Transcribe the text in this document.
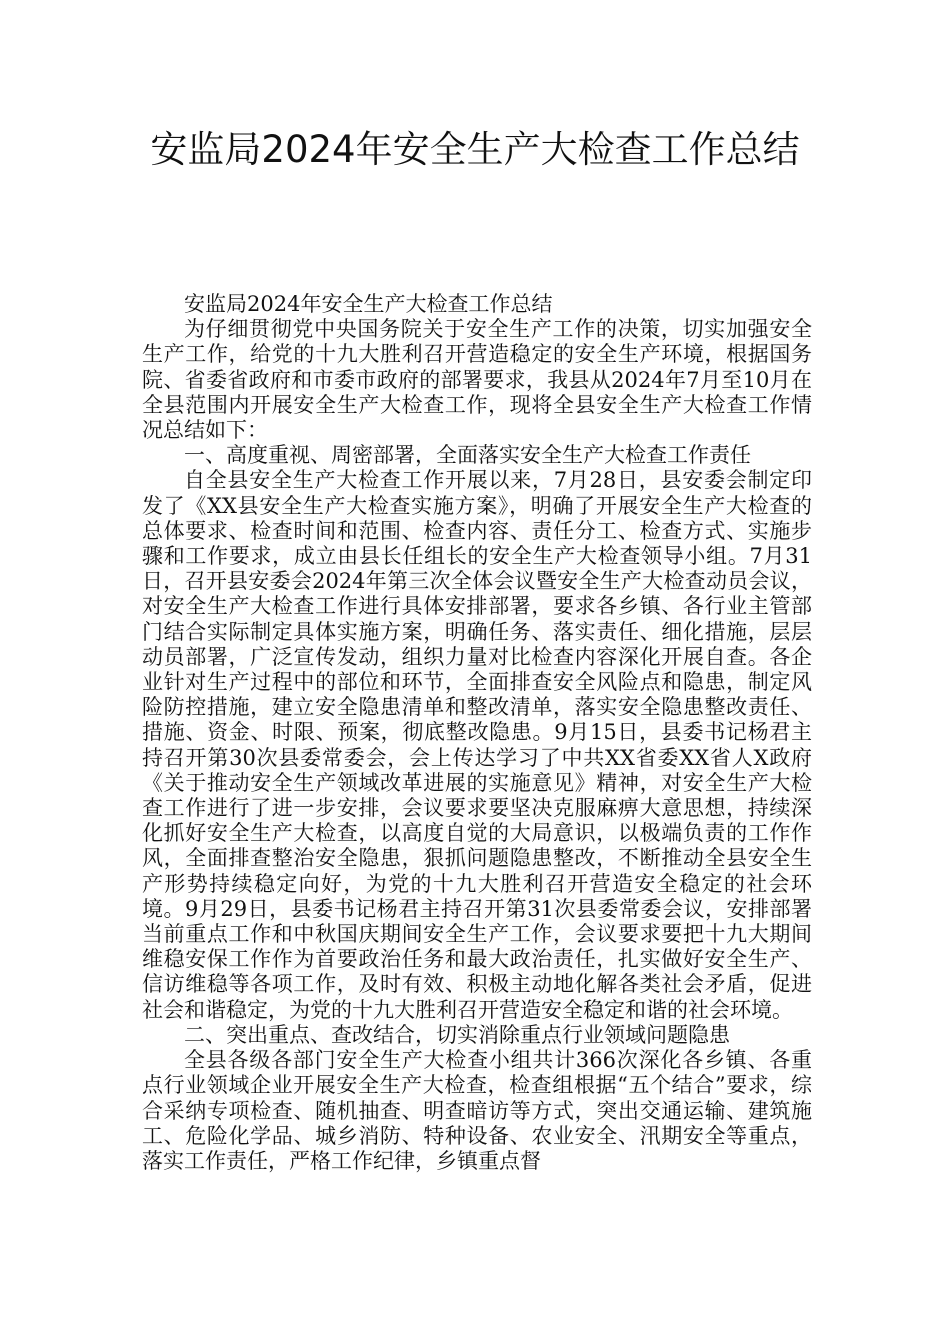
安监局2024年安全生产大检查工作总结

安监局2024年安全生产大检查工作总结

为仔细贯彻党中央国务院关于安全生产工作的决策，切实加强安全生产工作，给党的十九大胜利召开营造稳定的安全生产环境，根据国务院、省委省政府和市委市政府的部署要求，我县从2024年7月至10月在全县范围内开展安全生产大检查工作，现将全县安全生产大检查工作情况总结如下：

一、高度重视、周密部署，全面落实安全生产大检查工作责任

自全县安全生产大检查工作开展以来，7月28日，县安委会制定印发了《XX县安全生产大检查实施方案》，明确了开展安全生产大检查的总体要求、检查时间和范围、检查内容、责任分工、检查方式、实施步骤和工作要求，成立由县长任组长的安全生产大检查领导小组。7月31日，召开县安委会2024年第三次全体会议暨安全生产大检查动员会议，对安全生产大检查工作进行具体安排部署，要求各乡镇、各行业主管部门结合实际制定具体实施方案，明确任务、落实责任、细化措施，层层动员部署，广泛宣传发动，组织力量对比检查内容深化开展自查。各企业针对生产过程中的部位和环节，全面排查安全风险点和隐患，制定风险防控措施，建立安全隐患清单和整改清单，落实安全隐患整改责任、措施、资金、时限、预案，彻底整改隐患。9月15日，县委书记杨君主持召开第30次县委常委会，会上传达学习了中共XX省委XX省人X政府《关于推动安全生产领域改革进展的实施意见》精神，对安全生产大检查工作进行了进一步安排，会议要求要坚决克服麻痹大意思想，持续深化抓好安全生产大检查，以高度自觉的大局意识，以极端负责的工作作风，全面排查整治安全隐患，狠抓问题隐患整改，不断推动全县安全生产形势持续稳定向好，为党的十九大胜利召开营造安全稳定的社会环境。9月29日，县委书记杨君主持召开第31次县委常委会议，安排部署当前重点工作和中秋国庆期间安全生产工作，会议要求要把十九大期间维稳安保工作作为首要政治任务和最大政治责任，扎实做好安全生产、信访维稳等各项工作，及时有效、积极主动地化解各类社会矛盾，促进社会和谐稳定，为党的十九大胜利召开营造安全稳定和谐的社会环境。

二、突出重点、查改结合，切实消除重点行业领域问题隐患

全县各级各部门安全生产大检查小组共计366次深化各乡镇、各重点行业领域企业开展安全生产大检查，检查组根据“五个结合”要求，综合采纳专项检查、随机抽查、明查暗访等方式，突出交通运输、建筑施工、危险化学品、城乡消防、特种设备、农业安全、汛期安全等重点，落实工作责任，严格工作纪律，乡镇重点督
